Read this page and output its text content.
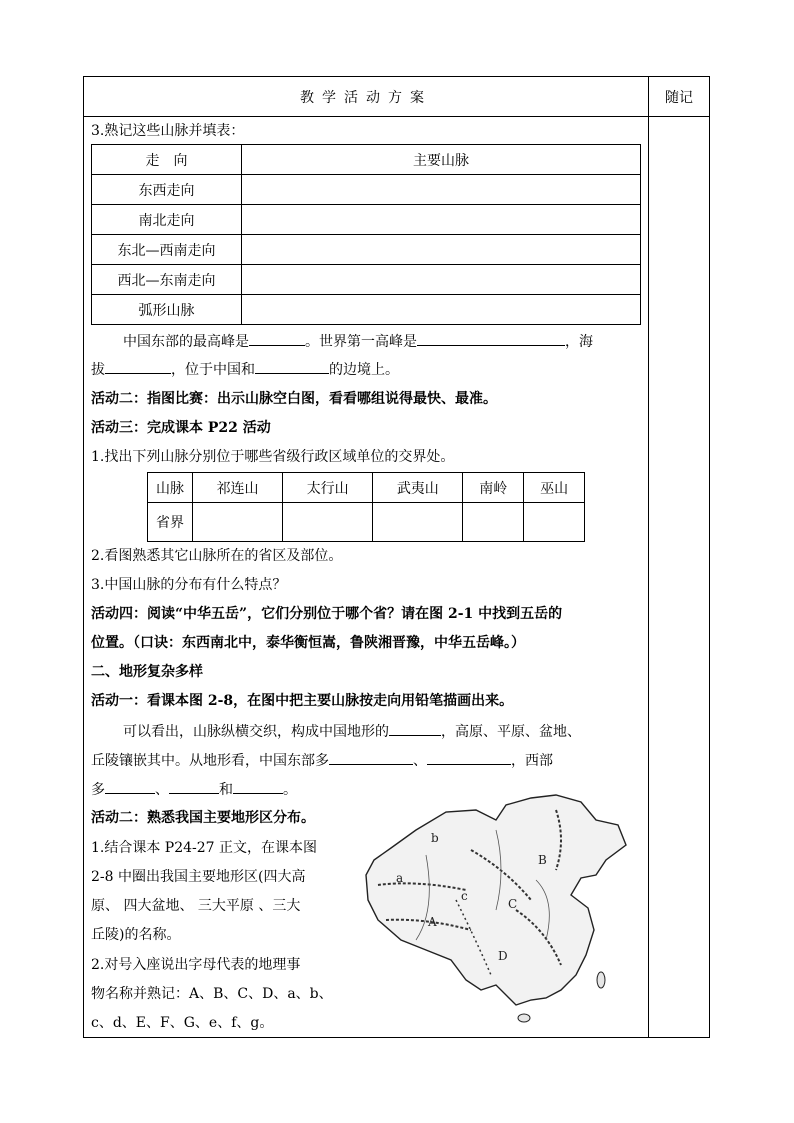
教学活动方案	随记
3.熟记这些山脉并填表：
走　向	主要山脉
东西走向	
南北走向	
东北—西南走向	
西北—东南走向	
弧形山脉	
中国东部的最高峰是	。世界第一高峰是	，海
拔	，位于中国和	的边境上。
活动二：指图比赛：出示山脉空白图，看看哪组说得最快、最准。
活动三：完成课本 P22 活动
1.找出下列山脉分别位于哪些省级行政区域单位的交界处。
山脉	祁连山	太行山	武夷山	南岭	巫山
省界					
2.看图熟悉其它山脉所在的省区及部位。
3.中国山脉的分布有什么特点？
活动四：阅读“中华五岳”，它们分别位于哪个省？请在图 2-1 中找到五岳的
位置。（口诀：东西南北中，泰华衡恒嵩，鲁陕湘晋豫，中华五岳峰。）
二、地形复杂多样
活动一：看课本图 2-8，在图中把主要山脉按走向用铅笔描画出来。
可以看出，山脉纵横交织，构成中国地形的	，高原、平原、盆地、
丘陵镶嵌其中。从地形看，中国东部多	、	，西部
多	、	和	。
活动二：熟悉我国主要地形区分布。
1.结合课本 P24-27 正文，在课本图
2-8 中圈出我国主要地形区(四大高
原、 四大盆地、 三大平原 、三大
丘陵)的名称。
2.对号入座说出字母代表的地理事
物名称并熟记：A、B、C、D、a、b、
c、d、E、F、G、e、f、g。
b
a
c
A
B
C
D
